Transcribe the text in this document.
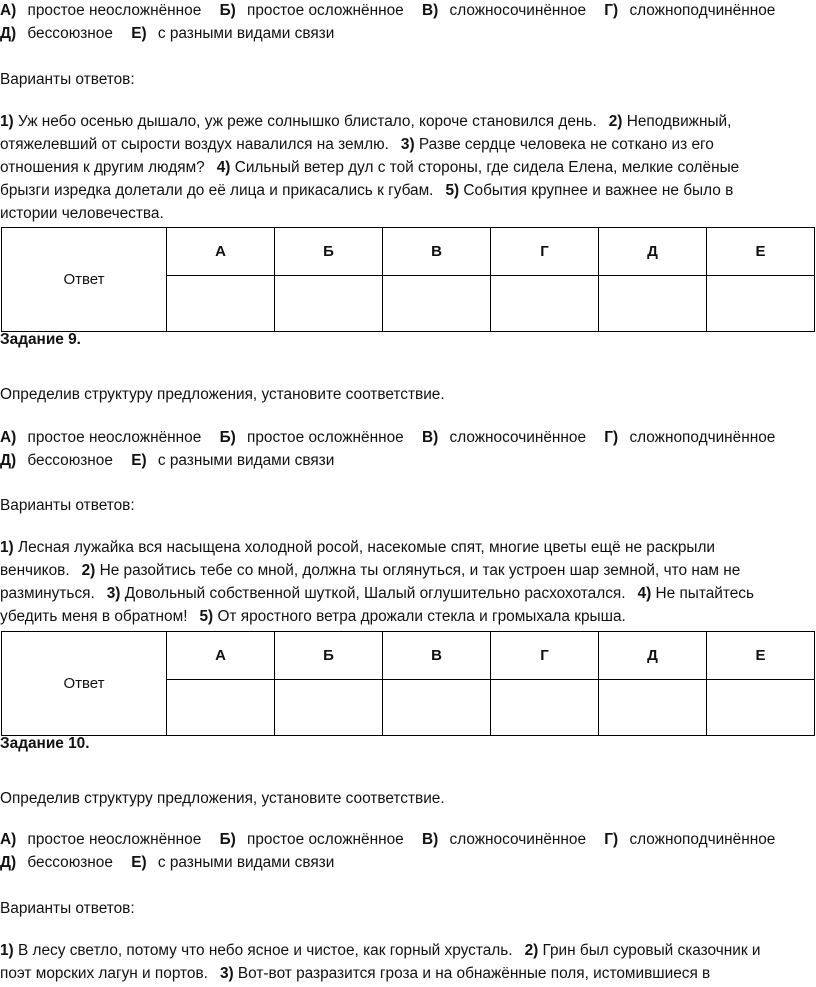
А) простое неосложнённое Б) простое осложнённое В) сложносочинённое Г) сложноподчинённое
Д) бессоюзное Е) с разными видами связи
Варианты ответов:
1) Уж небо осенью дышало, уж реже солнышко блистало, короче становился день. 2) Неподвижный,
отяжелевший от сырости воздух навалился на землю. 3) Разве сердце человека не соткано из его
отношения к другим людям? 4) Сильный ветер дул с той стороны, где сидела Елена, мелкие солёные
брызги изредка долетали до её лица и прикасались к губам. 5) События крупнее и важнее не было в
истории человечества.
Ответ	А	Б	В	Г	Д	Е

Задание 9.
Определив структуру предложения, установите соответствие.
А) простое неосложнённое Б) простое осложнённое В) сложносочинённое Г) сложноподчинённое
Д) бессоюзное Е) с разными видами связи
Варианты ответов:
1) Лесная лужайка вся насыщена холодной росой, насекомые спят, многие цветы ещё не раскрыли
венчиков. 2) Не разойтись тебе со мной, должна ты оглянуться, и так устроен шар земной, что нам не
разминуться. 3) Довольный собственной шуткой, Шалый оглушительно расхохотался. 4) Не пытайтесь
убедить меня в обратном! 5) От яростного ветра дрожали стекла и громыхала крыша.
Ответ	А	Б	В	Г	Д	Е

Задание 10.
Определив структуру предложения, установите соответствие.
А) простое неосложнённое Б) простое осложнённое В) сложносочинённое Г) сложноподчинённое
Д) бессоюзное Е) с разными видами связи
Варианты ответов:
1) В лесу светло, потому что небо ясное и чистое, как горный хрусталь. 2) Грин был суровый сказочник и
поэт морских лагун и портов. 3) Вот-вот разразится гроза и на обнажённые поля, истомившиеся в
